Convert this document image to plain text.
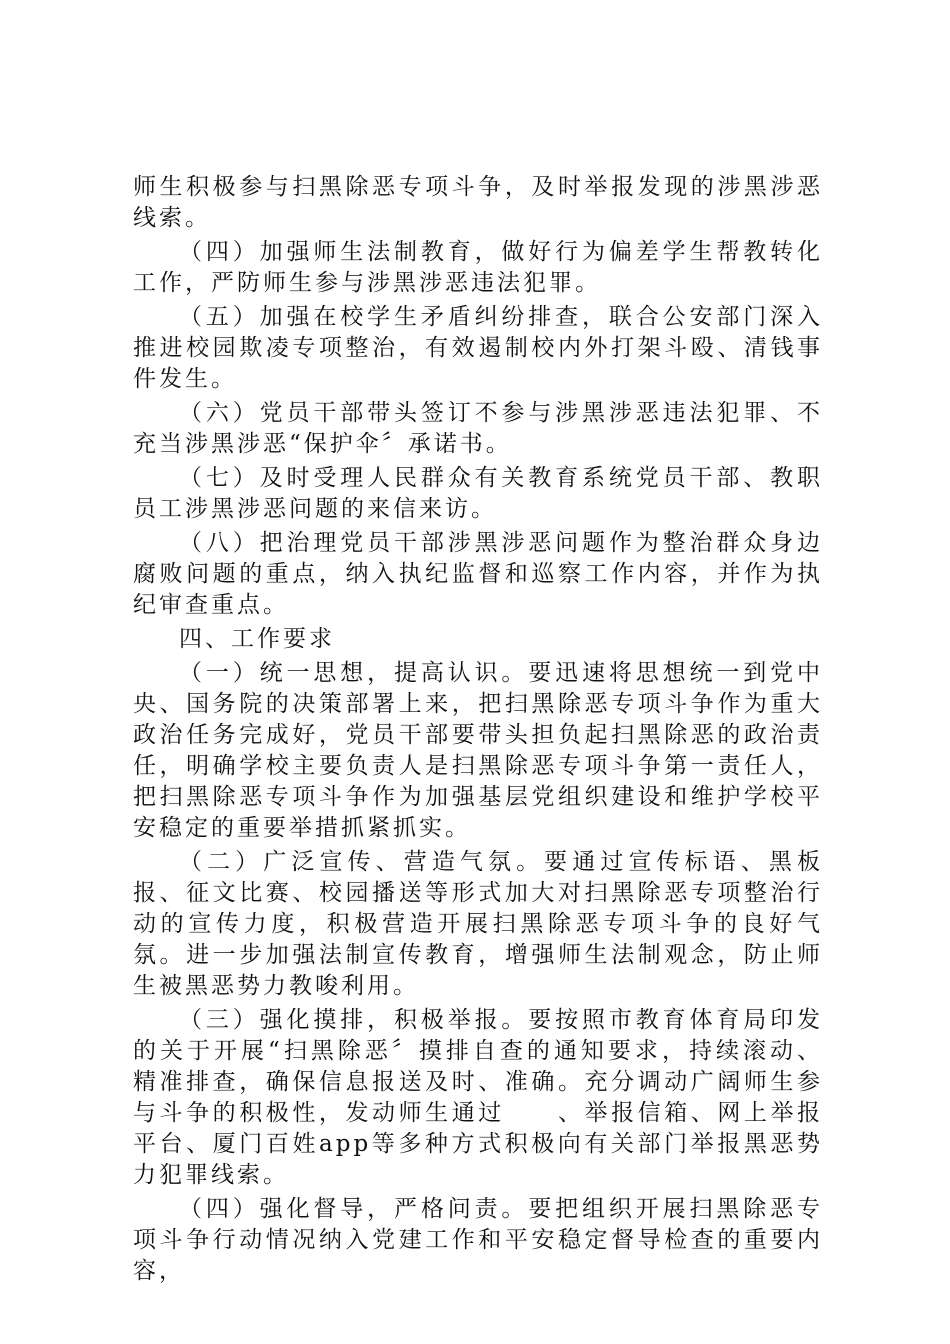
师生积极参与扫黑除恶专项斗争，及时举报发现的涉黑涉恶线索。

（四）加强师生法制教育，做好行为偏差学生帮教转化工作，严防师生参与涉黑涉恶违法犯罪。

（五）加强在校学生矛盾纠纷排查，联合公安部门深入推进校园欺凌专项整治，有效遏制校内外打架斗殴、清钱事件发生。

（六）党员干部带头签订不参与涉黑涉恶违法犯罪、不充当涉黑涉恶“保护伞〞承诺书。

（七）及时受理人民群众有关教育系统党员干部、教职员工涉黑涉恶问题的来信来访。

（八）把治理党员干部涉黑涉恶问题作为整治群众身边腐败问题的重点，纳入执纪监督和巡察工作内容，并作为执纪审查重点。

四、工作要求

（一）统一思想，提高认识。要迅速将思想统一到党中央、国务院的决策部署上来，把扫黑除恶专项斗争作为重大政治任务完成好，党员干部要带头担负起扫黑除恶的政治责任，明确学校主要负责人是扫黑除恶专项斗争第一责任人，把扫黑除恶专项斗争作为加强基层党组织建设和维护学校平安稳定的重要举措抓紧抓实。

（二）广泛宣传、营造气氛。要通过宣传标语、黑板报、征文比赛、校园播送等形式加大对扫黑除恶专项整治行动的宣传力度，积极营造开展扫黑除恶专项斗争的良好气氛。进一步加强法制宣传教育，增强师生法制观念，防止师生被黑恶势力教唆利用。

（三）强化摸排，积极举报。要按照市教育体育局印发的关于开展“扫黑除恶〞摸排自查的通知要求，持续滚动、精准排查，确保信息报送及时、准确。充分调动广阔师生参与斗争的积极性，发动师生通过　　、举报信箱、网上举报平台、厦门百姓app等多种方式积极向有关部门举报黑恶势力犯罪线索。

（四）强化督导，严格问责。要把组织开展扫黑除恶专项斗争行动情况纳入党建工作和平安稳定督导检查的重要内容，
